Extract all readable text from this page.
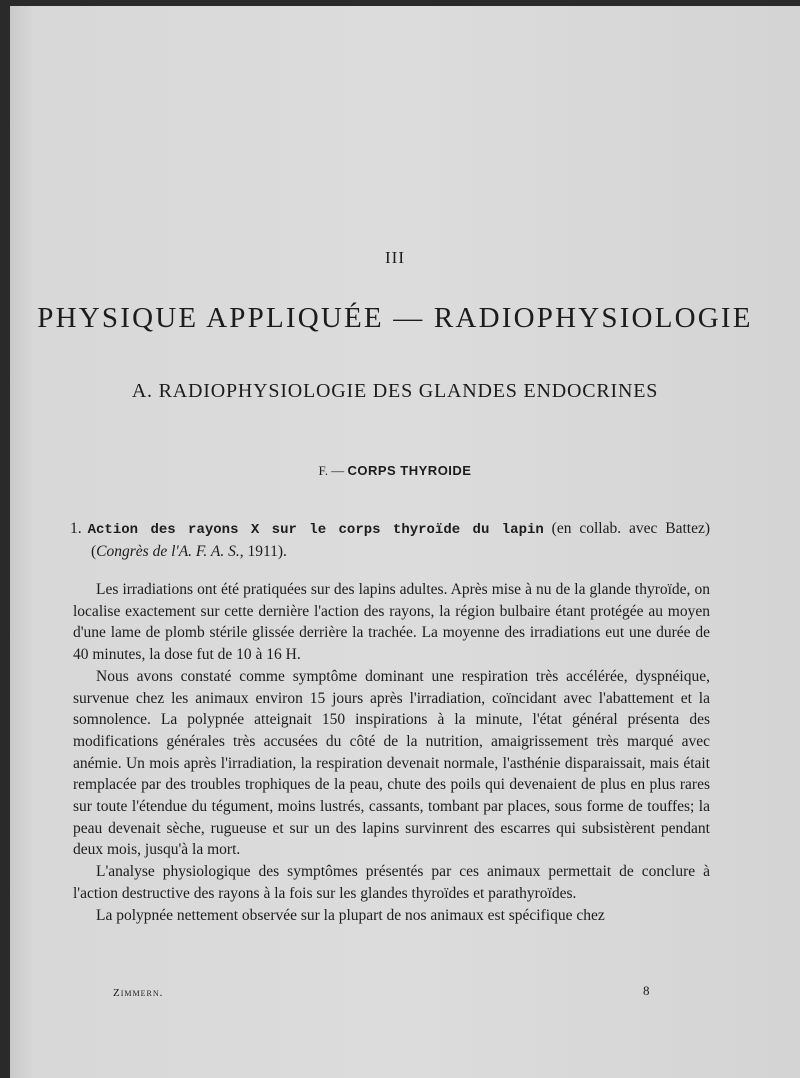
III
PHYSIQUE APPLIQUÉE — RADIOPHYSIOLOGIE
A. RADIOPHYSIOLOGIE DES GLANDES ENDOCRINES
F. — CORPS THYROIDE
1. Action des rayons X sur le corps thyroïde du lapin (en collab. avec Battez)
(Congrès de l'A. F. A. S., 1911).

Les irradiations ont été pratiquées sur des lapins adultes. Après mise à nu de la glande thyroïde, on localise exactement sur cette dernière l'action des rayons, la région bulbaire étant protégée au moyen d'une lame de plomb stérile glissée derrière la trachée. La moyenne des irradiations eut une durée de 40 minutes, la dose fut de 10 à 16 H.

Nous avons constaté comme symptôme dominant une respiration très accélérée, dyspnéique, survenue chez les animaux environ 15 jours après l'irradiation, coïncidant avec l'abattement et la somnolence. La polypnée atteignait 150 inspirations à la minute, l'état général présenta des modifications générales très accusées du côté de la nutrition, amaigrissement très marqué avec anémie. Un mois après l'irradiation, la respiration devenait normale, l'asthénie disparaissait, mais était remplacée par des troubles trophiques de la peau, chute des poils qui devenaient de plus en plus rares sur toute l'étendue du tégument, moins lustrés, cassants, tombant par places, sous forme de touffes; la peau devenait sèche, rugueuse et sur un des lapins survinrent des escarres qui subsistèrent pendant deux mois, jusqu'à la mort.

L'analyse physiologique des symptômes présentés par ces animaux permettait de conclure à l'action destructive des rayons à la fois sur les glandes thyroïdes et parathyroïdes.

La polypnée nettement observée sur la plupart de nos animaux est spécifique chez

Zimmern.	8
